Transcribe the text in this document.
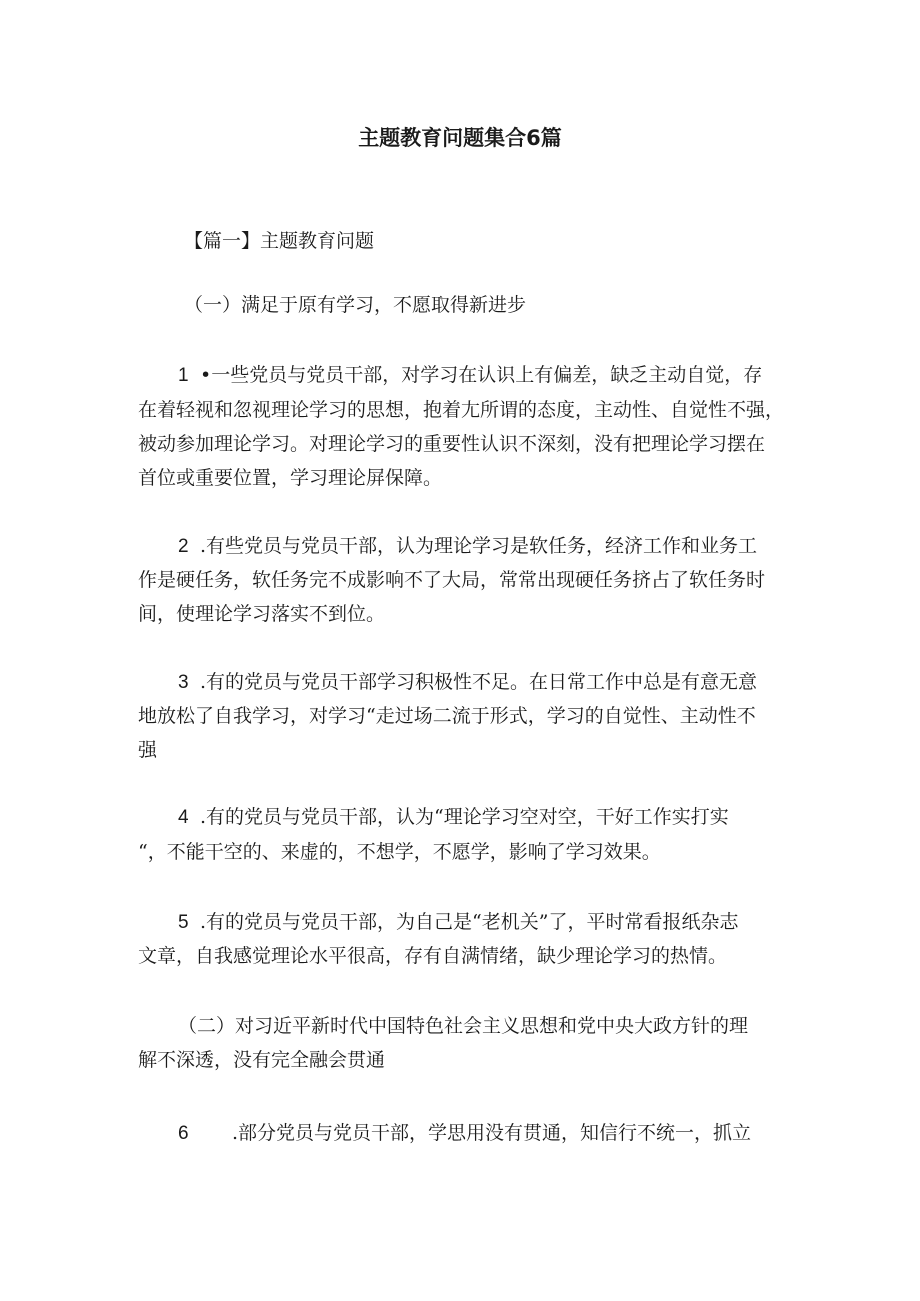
主题教育问题集合6篇
【篇一】主题教育问题
（一）满足于原有学习，不愿取得新进步
1 •一些党员与党员干部，对学习在认识上有偏差，缺乏主动自觉，存
在着轻视和忽视理论学习的思想，抱着尢所谓的态度，主动性、自觉性不强，
被动参加理论学习。对理论学习的重要性认识不深刻，没有把理论学习摆在
首位或重要位置，学习理论屏保障。
2 .有些党员与党员干部，认为理论学习是软任务，经济工作和业务工
作是硬任务，软任务完不成影响不了大局，常常出现硬任务挤占了软任务时
间，使理论学习落实不到位。
3 .有的党员与党员干部学习积极性不足。在日常工作中总是有意无意
地放松了自我学习，对学习“走过场二流于形式，学习的自觉性、主动性不
强
4 .有的党员与党员干部，认为“理论学习空对空，干好工作实打实
“，不能干空的、来虚的，不想学，不愿学，影响了学习效果。
5 .有的党员与党员干部，为自己是“老机关”了，平时常看报纸杂志
文章，自我感觉理论水平很高，存有自满情绪，缺少理论学习的热情。
（二）对习近平新时代中国特色社会主义思想和党中央大政方针的理
解不深透，没有完全融会贯通
6 .部分党员与党员干部，学思用没有贯通，知信行不统一，抓立
